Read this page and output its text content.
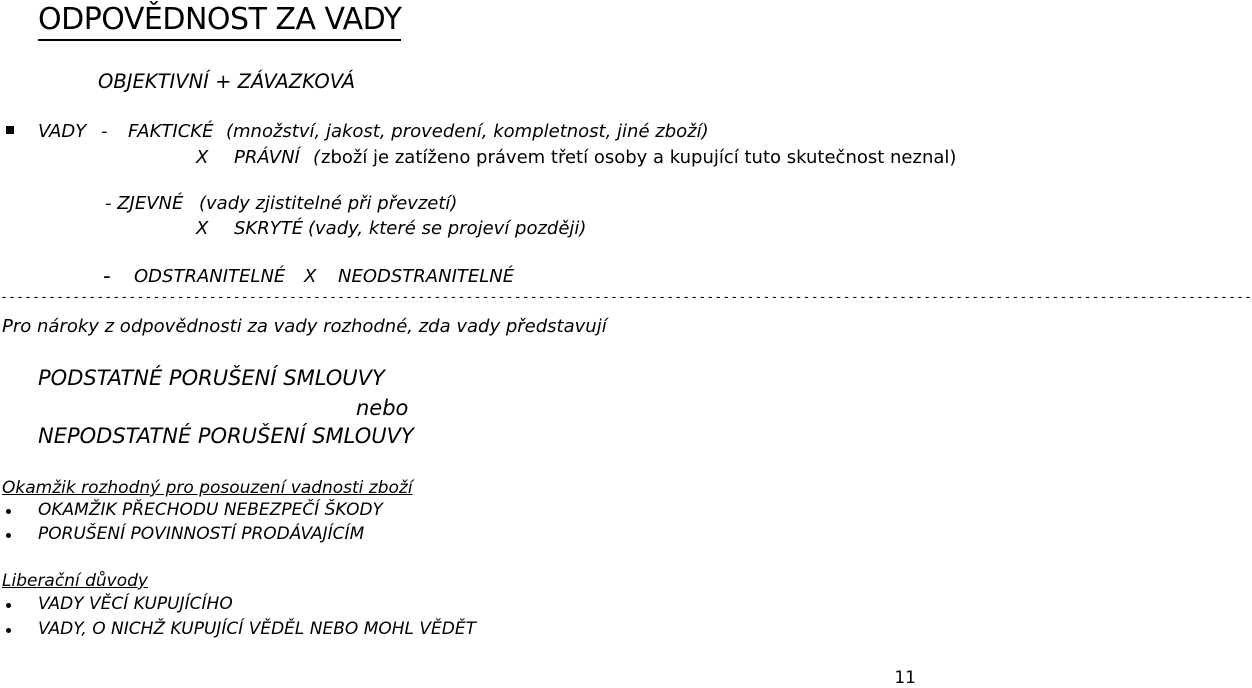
ODPOVĚDNOST ZA VADY
OBJEKTIVNÍ + ZÁVAZKOVÁ
VADY - FAKTICKÉ (množství, jakost, provedení, kompletnost, jiné zboží)
X PRÁVNÍ ( zboží je zatíženo právem třetí osoby a kupující tuto skutečnost neznal)
- ZJEVNÉ (vady zjistitelné při převzetí)
X SKRYTÉ (vady, které se projeví později)
- ODSTRANITELNÉ X NEODSTRANITELNÉ
------------------------------------------------------------------------------------------------------------------------------------------------------------
Pro nároky z odpovědnosti za vady rozhodné, zda vady představují
PODSTATNÉ PORUŠENÍ SMLOUVY
nebo
NEPODSTATNÉ PORUŠENÍ SMLOUVY
Okamžik rozhodný pro posouzení vadnosti zboží
OKAMŽIK PŘECHODU NEBEZPEČÍ ŠKODY
PORUŠENÍ POVINNOSTÍ PRODÁVAJÍCÍM
Liberační důvody
VADY VĚCÍ KUPUJÍCÍHO
VADY, O NICHŽ KUPUJÍCÍ VĚDĚL NEBO MOHL VĚDĚT
11
